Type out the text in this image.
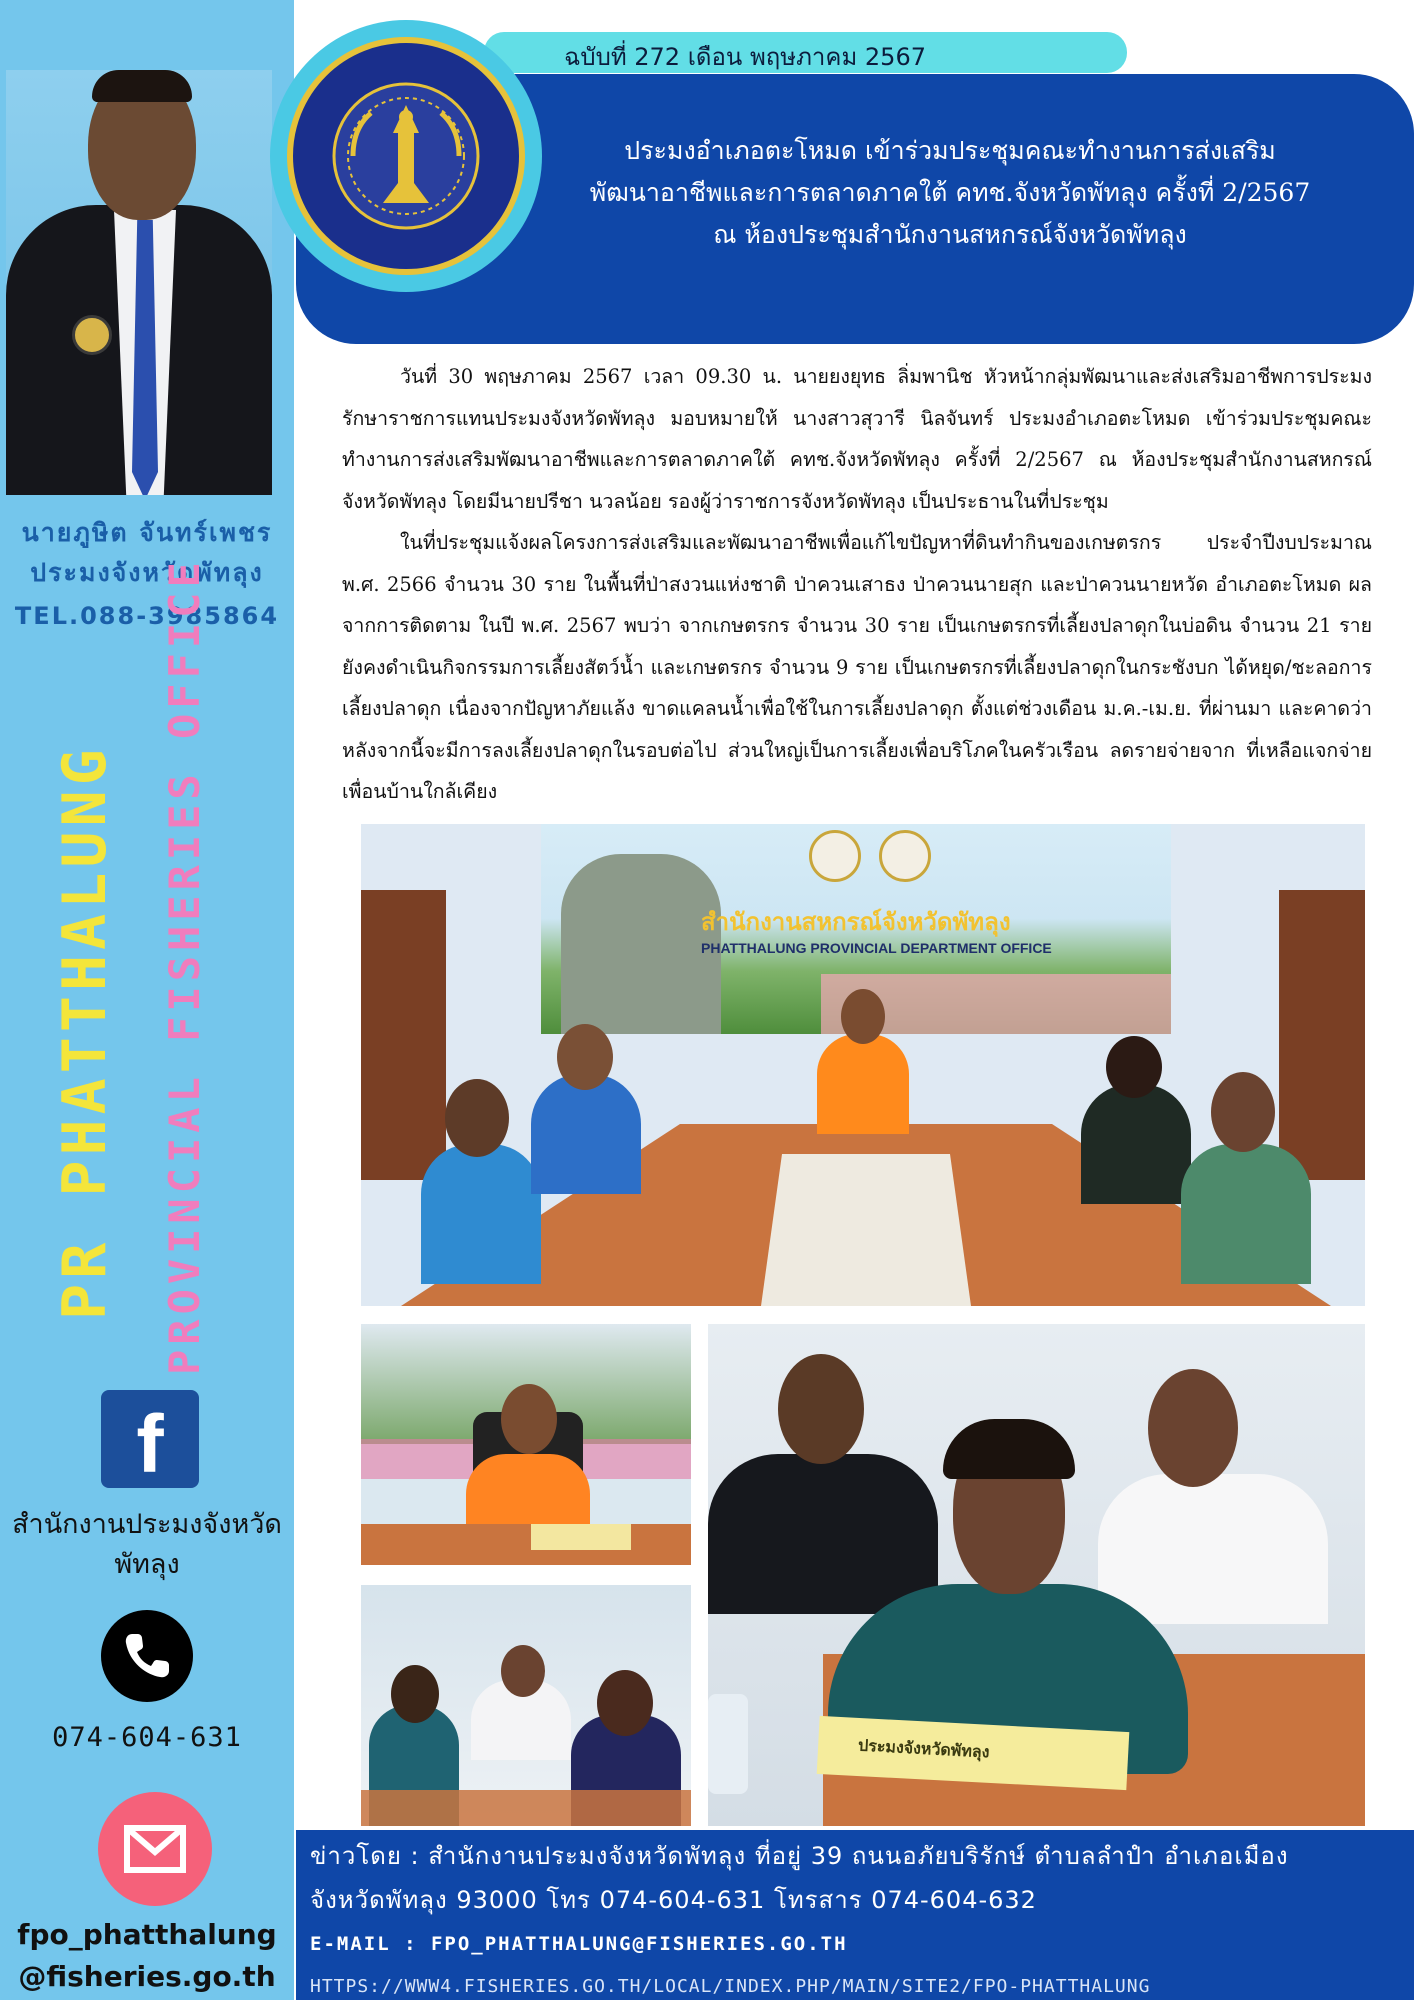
นายภูษิต จันทร์เพชร
ประมงจังหวัดพัทลุง
TEL.088-3985864
PR PHATTHALUNG PROVINCIAL FISHERIES OFFICE
f
สำนักงานประมงจังหวัด
พัทลุง
074-604-631
fpo_phatthalung
@fisheries.go.th
ฉบับที่ 272 เดือน พฤษภาคม 2567
ประมงอำเภอตะโหมด เข้าร่วมประชุมคณะทำงานการส่งเสริม
พัฒนาอาชีพและการตลาดภาคใต้ คทช.จังหวัดพัทลุง ครั้งที่ 2/2567
ณ ห้องประชุมสำนักงานสหกรณ์จังหวัดพัทลุง

วันที่ 30 พฤษภาคม 2567 เวลา 09.30 น. นายยงยุทธ ลิ่มพานิช หัวหน้ากลุ่มพัฒนาและส่งเสริมอาชีพการประมง รักษาราชการแทนประมงจังหวัดพัทลุง มอบหมายให้ นางสาวสุวารี นิลจันทร์ ประมงอำเภอตะโหมด เข้าร่วมประชุมคณะทำงานการส่งเสริมพัฒนาอาชีพและการตลาดภาคใต้ คทช.จังหวัดพัทลุง ครั้งที่ 2/2567 ณ ห้องประชุมสำนักงานสหกรณ์จังหวัดพัทลุง โดยมีนายปรีชา นวลน้อย รองผู้ว่าราชการจังหวัดพัทลุง เป็นประธานในที่ประชุม

ในที่ประชุมแจ้งผลโครงการส่งเสริมและพัฒนาอาชีพเพื่อแก้ไขปัญหาที่ดินทำกินของเกษตรกร ประจำปีงบประมาณ พ.ศ. 2566 จำนวน 30 ราย ในพื้นที่ป่าสงวนแห่งชาติ ป่าควนเสาธง ป่าควนนายสุก และป่าควนนายหวัด อำเภอตะโหมด ผลจากการติดตาม ในปี พ.ศ. 2567 พบว่า จากเกษตรกร จำนวน 30 ราย เป็นเกษตรกรที่เลี้ยงปลาดุกในบ่อดิน จำนวน 21 ราย ยังคงดำเนินกิจกรรมการเลี้ยงสัตว์น้ำ และเกษตรกร จำนวน 9 ราย เป็นเกษตรกรที่เลี้ยงปลาดุกในกระชังบก ได้หยุด/ชะลอการเลี้ยงปลาดุก เนื่องจากปัญหาภัยแล้ง ขาดแคลนน้ำเพื่อใช้ในการเลี้ยงปลาดุก ตั้งแต่ช่วงเดือน ม.ค.-เม.ย. ที่ผ่านมา และคาดว่าหลังจากนี้จะมีการลงเลี้ยงปลาดุกในรอบต่อไป ส่วนใหญ่เป็นการเลี้ยงเพื่อบริโภคในครัวเรือน ลดรายจ่ายจาก ที่เหลือแจกจ่ายเพื่อนบ้านใกล้เคียง

สำนักงานสหกรณ์จังหวัดพัทลุง
PHATTHALUNG PROVINCIAL DEPARTMENT OFFICE
ประมงจังหวัดพัทลุง
ข่าวโดย : สำนักงานประมงจังหวัดพัทลุง ที่อยู่ 39 ถนนอภัยบริรักษ์ ตำบลลำปำ อำเภอเมือง
จังหวัดพัทลุง 93000 โทร 074-604-631 โทรสาร 074-604-632
E-MAIL : FPO_PHATTHALUNG@FISHERIES.GO.TH
HTTPS://WWW4.FISHERIES.GO.TH/LOCAL/INDEX.PHP/MAIN/SITE2/FPO-PHATTHALUNG
